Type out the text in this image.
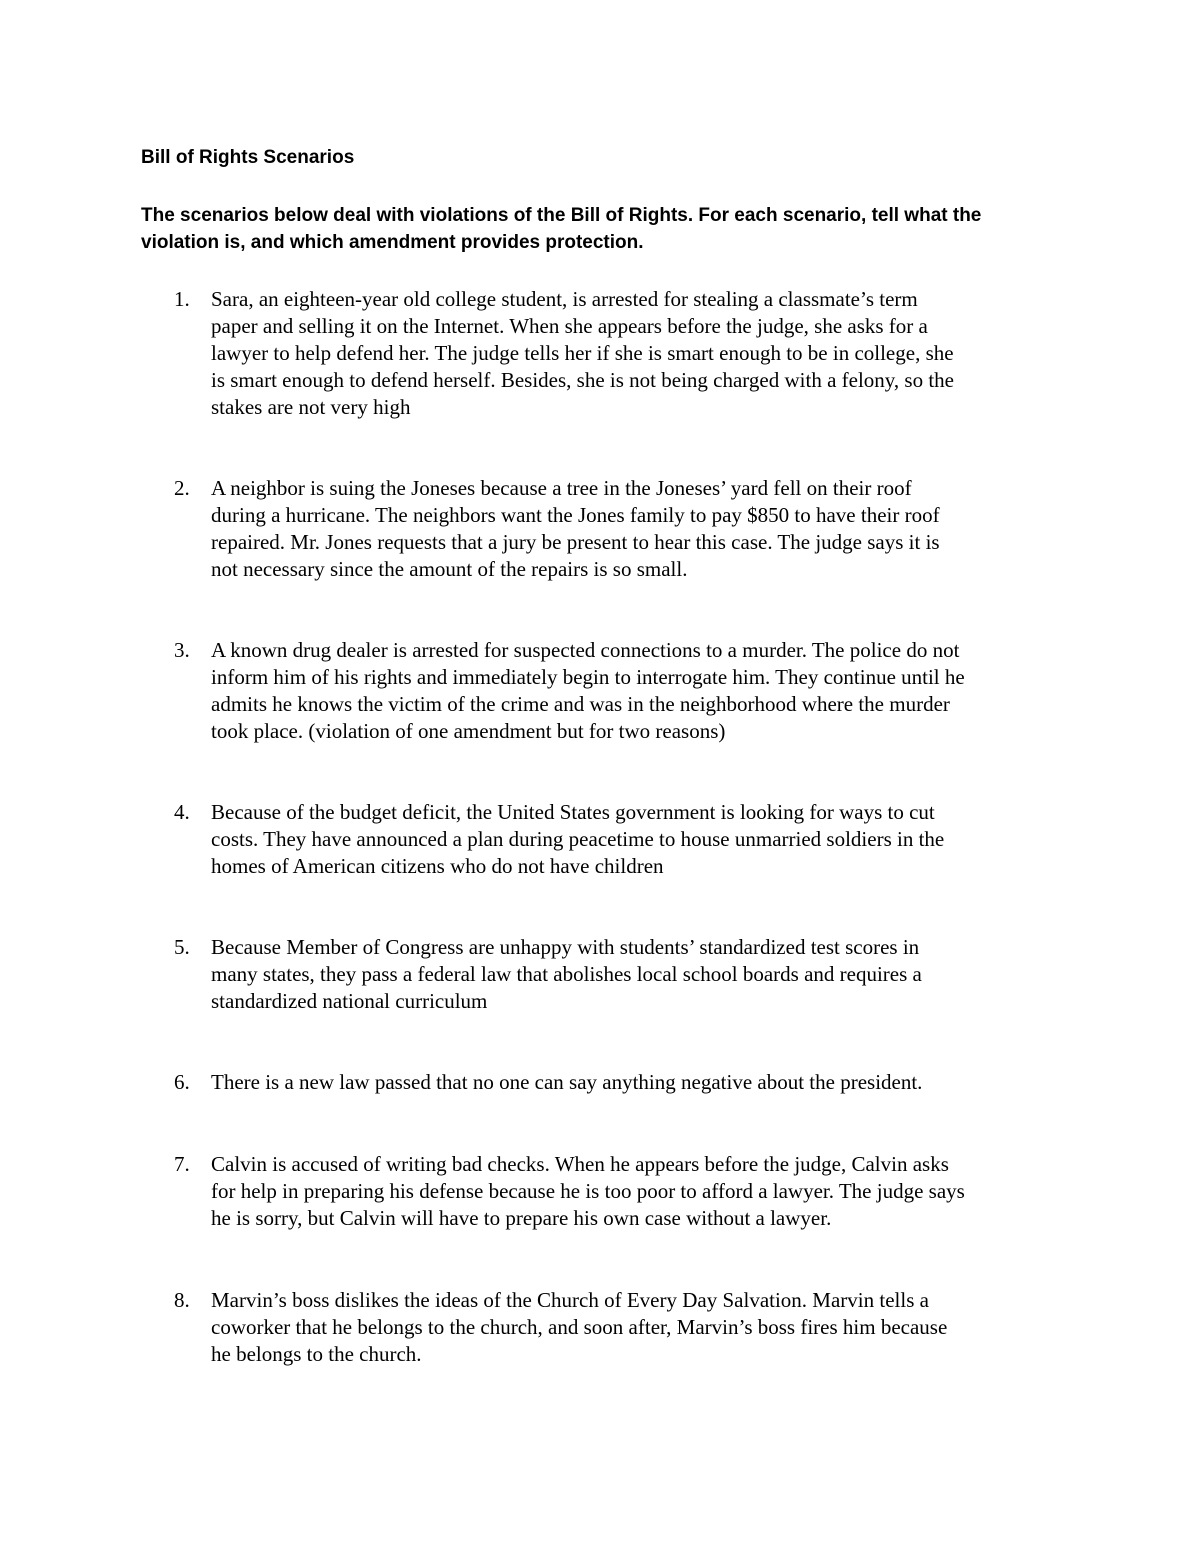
Bill of Rights Scenarios
The scenarios below deal with violations of the Bill of Rights. For each scenario, tell what the
violation is, and which amendment provides protection.
1.	Sara, an eighteen-year old college student, is arrested for stealing a classmate’s term
paper and selling it on the Internet. When she appears before the judge, she asks for a
lawyer to help defend her. The judge tells her if she is smart enough to be in college, she
is smart enough to defend herself. Besides, she is not being charged with a felony, so the
stakes are not very high
2.	A neighbor is suing the Joneses because a tree in the Joneses’ yard fell on their roof
during a hurricane. The neighbors want the Jones family to pay $850 to have their roof
repaired. Mr. Jones requests that a jury be present to hear this case. The judge says it is
not necessary since the amount of the repairs is so small.
3.	A known drug dealer is arrested for suspected connections to a murder. The police do not
inform him of his rights and immediately begin to interrogate him. They continue until he
admits he knows the victim of the crime and was in the neighborhood where the murder
took place. (violation of one amendment but for two reasons)
4.	Because of the budget deficit, the United States government is looking for ways to cut
costs. They have announced a plan during peacetime to house unmarried soldiers in the
homes of American citizens who do not have children
5.	Because Member of Congress are unhappy with students’ standardized test scores in
many states, they pass a federal law that abolishes local school boards and requires a
standardized national curriculum
6.	There is a new law passed that no one can say anything negative about the president.
7.	Calvin is accused of writing bad checks. When he appears before the judge, Calvin asks
for help in preparing his defense because he is too poor to afford a lawyer. The judge says
he is sorry, but Calvin will have to prepare his own case without a lawyer.
8.	Marvin’s boss dislikes the ideas of the Church of Every Day Salvation. Marvin tells a
coworker that he belongs to the church, and soon after, Marvin’s boss fires him because
he belongs to the church.
